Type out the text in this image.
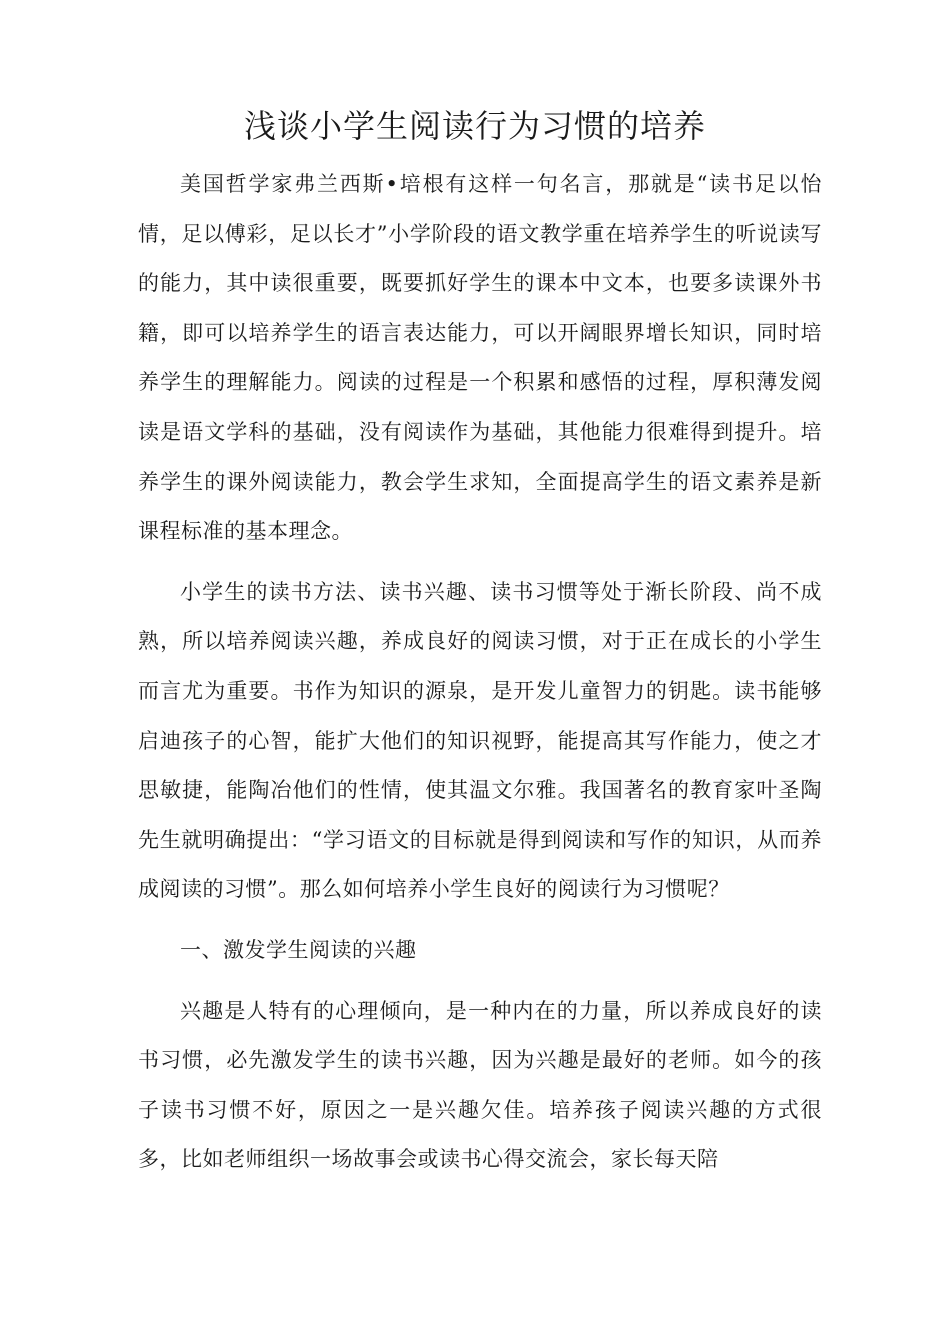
浅谈小学生阅读行为习惯的培养

美国哲学家弗兰西斯•培根有这样一句名言，那就是“读书足以怡情，足以傅彩，足以长才”小学阶段的语文教学重在培养学生的听说读写的能力，其中读很重要，既要抓好学生的课本中文本，也要多读课外书籍，即可以培养学生的语言表达能力，可以开阔眼界增长知识，同时培养学生的理解能力。阅读的过程是一个积累和感悟的过程，厚积薄发阅读是语文学科的基础，没有阅读作为基础，其他能力很难得到提升。培养学生的课外阅读能力，教会学生求知，全面提高学生的语文素养是新课程标准的基本理念。

小学生的读书方法、读书兴趣、读书习惯等处于渐长阶段、尚不成熟，所以培养阅读兴趣，养成良好的阅读习惯，对于正在成长的小学生而言尤为重要。书作为知识的源泉，是开发儿童智力的钥匙。读书能够启迪孩子的心智，能扩大他们的知识视野，能提高其写作能力，使之才思敏捷，能陶冶他们的性情，使其温文尔雅。我国著名的教育家叶圣陶先生就明确提出：“学习语文的目标就是得到阅读和写作的知识，从而养成阅读的习惯”。那么如何培养小学生良好的阅读行为习惯呢？

一、激发学生阅读的兴趣

兴趣是人特有的心理倾向，是一种内在的力量，所以养成良好的读书习惯，必先激发学生的读书兴趣，因为兴趣是最好的老师。如今的孩子读书习惯不好，原因之一是兴趣欠佳。培养孩子阅读兴趣的方式很多，比如老师组织一场故事会或读书心得交流会，家长每天陪
